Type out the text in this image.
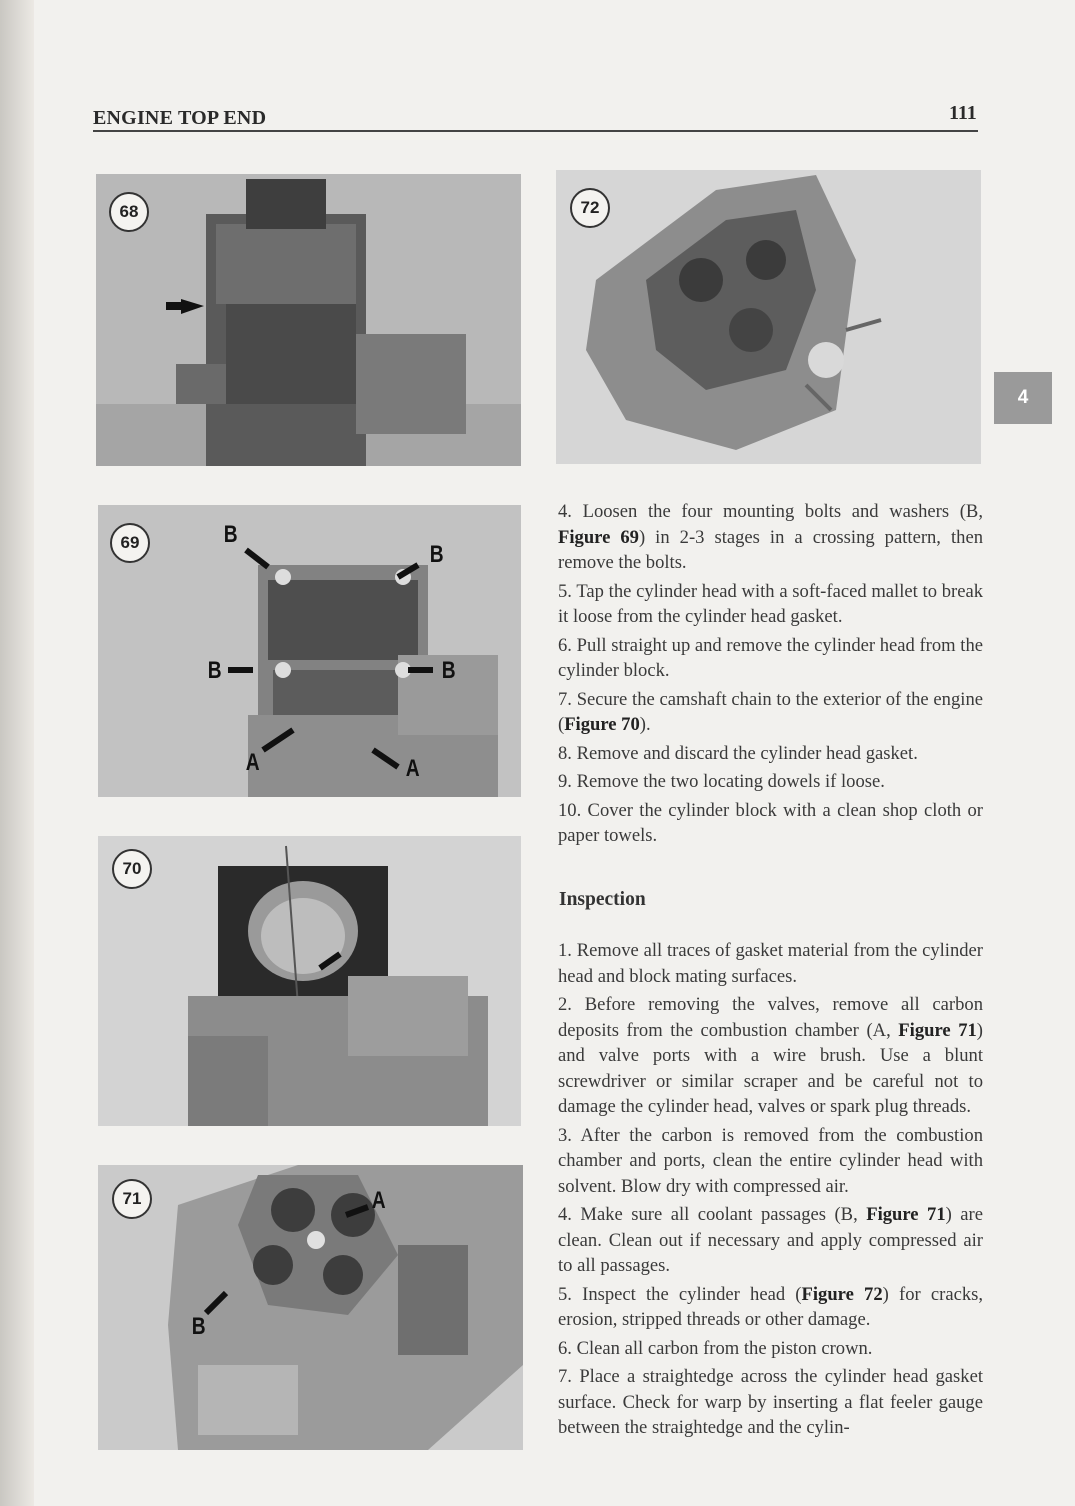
ENGINE TOP END	111
4
68	72
69	B
B
B	B
A	A
70
71	A
B

4. Loosen the four mounting bolts and washers (B, Figure 69) in 2-3 stages in a crossing pattern, then remove the bolts.

5. Tap the cylinder head with a soft-faced mallet to break it loose from the cylinder head gasket.

6. Pull straight up and remove the cylinder head from the cylinder block.

7. Secure the camshaft chain to the exterior of the engine (Figure 70).

8. Remove and discard the cylinder head gasket.

9. Remove the two locating dowels if loose.

10. Cover the cylinder block with a clean shop cloth or paper towels.

Inspection

1. Remove all traces of gasket material from the cylinder head and block mating surfaces.

2. Before removing the valves, remove all carbon deposits from the combustion chamber (A, Figure 71) and valve ports with a wire brush. Use a blunt screwdriver or similar scraper and be careful not to damage the cylinder head, valves or spark plug threads.

3. After the carbon is removed from the combustion chamber and ports, clean the entire cylinder head with solvent. Blow dry with compressed air.

4. Make sure all coolant passages (B, Figure 71) are clean. Clean out if necessary and apply compressed air to all passages.

5. Inspect the cylinder head (Figure 72) for cracks, erosion, stripped threads or other damage.

6. Clean all carbon from the piston crown.

7. Place a straightedge across the cylinder head gasket surface. Check for warp by inserting a flat feeler gauge between the straightedge and the cylin-
